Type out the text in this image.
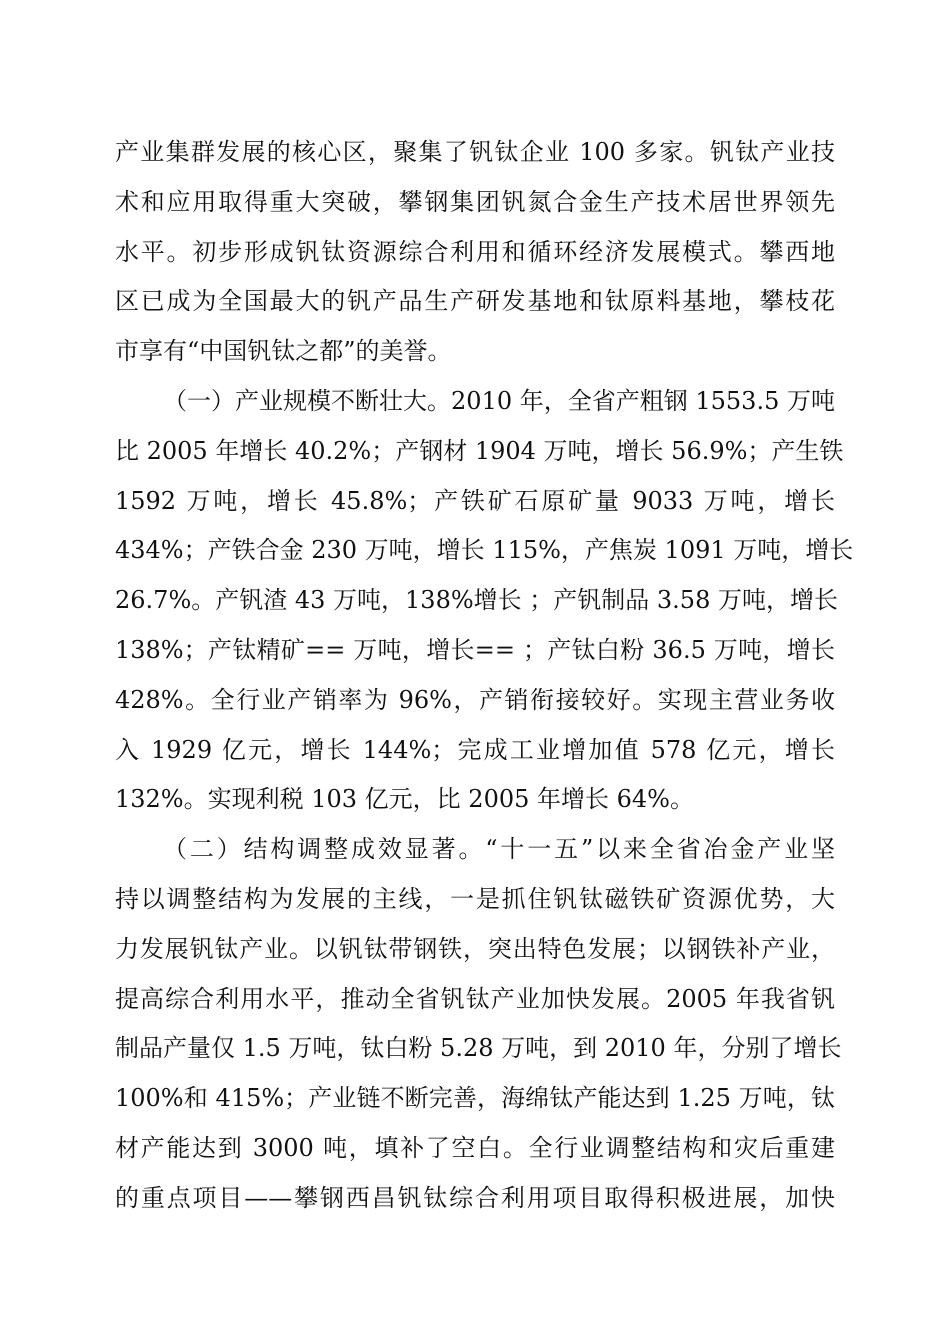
产业集群发展的核心区，聚集了钒钛企业 100 多家。钒钛产业技
术和应用取得重大突破，攀钢集团钒氮合金生产技术居世界领先
水平。初步形成钒钛资源综合利用和循环经济发展模式。攀西地
区已成为全国最大的钒产品生产研发基地和钛原料基地，攀枝花
市享有“中国钒钛之都”的美誉。
（一）产业规模不断壮大。2010 年，全省产粗钢 1553.5 万吨
比 2005 年增长 40.2%；产钢材 1904 万吨，增长 56.9%；产生铁
1592 万吨，增长 45.8%；产铁矿石原矿量 9033 万吨，增长
434%；产铁合金 230 万吨，增长 115%，产焦炭 1091 万吨，增长
26.7%。产钒渣 43 万吨，138%增长 ；产钒制品 3.58 万吨，增长
138%；产钛精矿== 万吨，增长== ；产钛白粉 36.5 万吨，增长
428%。全行业产销率为 96%，产销衔接较好。实现主营业务收
入 1929 亿元，增长 144%；完成工业增加值 578 亿元，增长
132%。实现利税 103 亿元，比 2005 年增长 64%。
（二）结构调整成效显著。“十一五”以来全省冶金产业坚
持以调整结构为发展的主线，一是抓住钒钛磁铁矿资源优势，大
力发展钒钛产业。以钒钛带钢铁，突出特色发展；以钢铁补产业，
提高综合利用水平，推动全省钒钛产业加快发展。2005 年我省钒
制品产量仅 1.5 万吨，钛白粉 5.28 万吨，到 2010 年，分别了增长
100%和 415%；产业链不断完善，海绵钛产能达到 1.25 万吨，钛
材产能达到 3000 吨，填补了空白。全行业调整结构和灾后重建
的重点项目——攀钢西昌钒钛综合利用项目取得积极进展，加快
